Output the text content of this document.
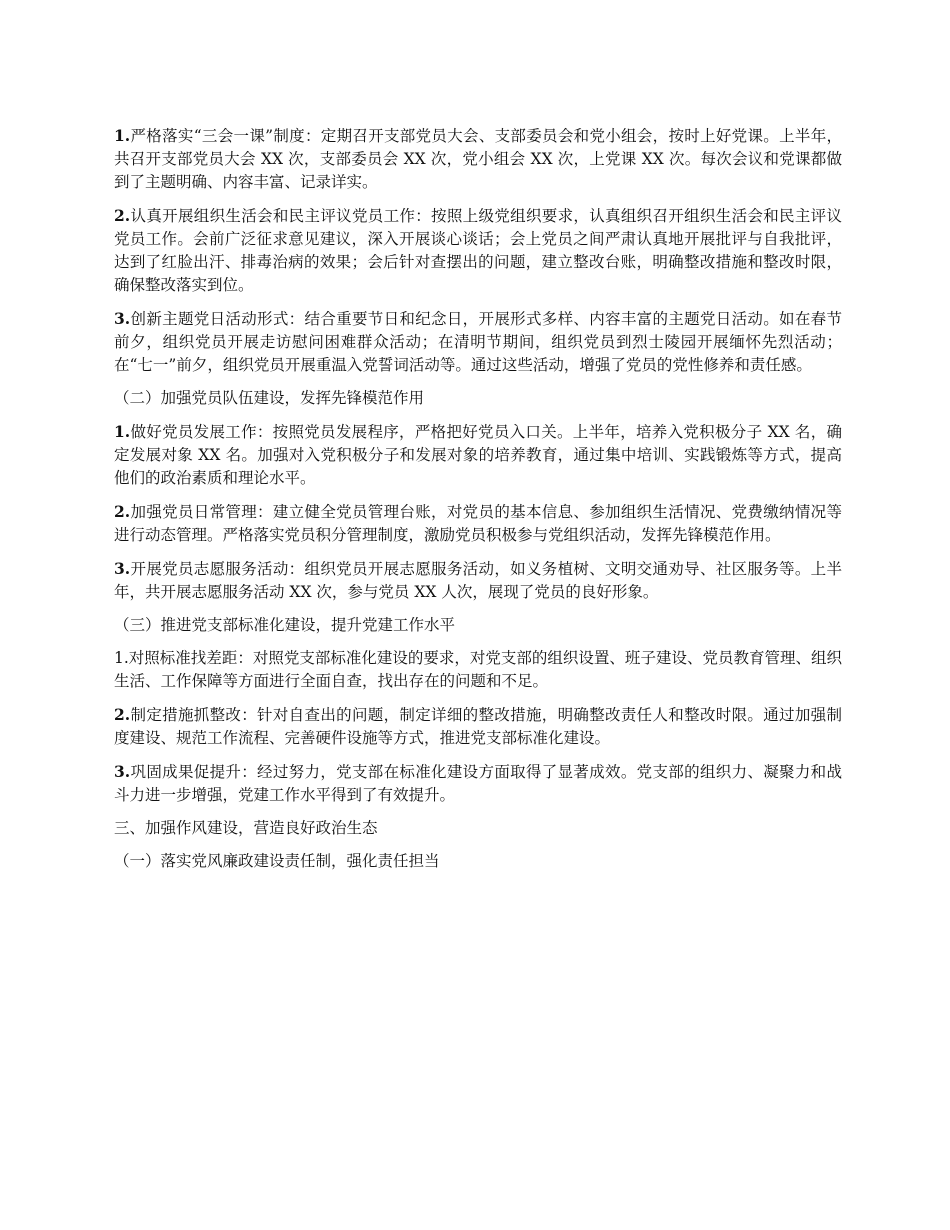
1.严格落实“三会一课”制度：定期召开支部党员大会、支部委员会和党小组会，按时上好党课。上半年，共召开支部党员大会 XX 次，支部委员会 XX 次，党小组会 XX 次，上党课 XX 次。每次会议和党课都做到了主题明确、内容丰富、记录详实。

2.认真开展组织生活会和民主评议党员工作：按照上级党组织要求，认真组织召开组织生活会和民主评议党员工作。会前广泛征求意见建议，深入开展谈心谈话；会上党员之间严肃认真地开展批评与自我批评，达到了红脸出汗、排毒治病的效果；会后针对查摆出的问题，建立整改台账，明确整改措施和整改时限，确保整改落实到位。

3.创新主题党日活动形式：结合重要节日和纪念日，开展形式多样、内容丰富的主题党日活动。如在春节前夕，组织党员开展走访慰问困难群众活动；在清明节期间，组织党员到烈士陵园开展缅怀先烈活动；在“七一”前夕，组织党员开展重温入党誓词活动等。通过这些活动，增强了党员的党性修养和责任感。

（二）加强党员队伍建设，发挥先锋模范作用

1.做好党员发展工作：按照党员发展程序，严格把好党员入口关。上半年，培养入党积极分子 XX 名，确定发展对象 XX 名。加强对入党积极分子和发展对象的培养教育，通过集中培训、实践锻炼等方式，提高他们的政治素质和理论水平。

2.加强党员日常管理：建立健全党员管理台账，对党员的基本信息、参加组织生活情况、党费缴纳情况等进行动态管理。严格落实党员积分管理制度，激励党员积极参与党组织活动，发挥先锋模范作用。

3.开展党员志愿服务活动：组织党员开展志愿服务活动，如义务植树、文明交通劝导、社区服务等。上半年，共开展志愿服务活动 XX 次，参与党员 XX 人次，展现了党员的良好形象。

（三）推进党支部标准化建设，提升党建工作水平

1.对照标准找差距：对照党支部标准化建设的要求，对党支部的组织设置、班子建设、党员教育管理、组织生活、工作保障等方面进行全面自查，找出存在的问题和不足。

2.制定措施抓整改：针对自查出的问题，制定详细的整改措施，明确整改责任人和整改时限。通过加强制度建设、规范工作流程、完善硬件设施等方式，推进党支部标准化建设。

3.巩固成果促提升：经过努力，党支部在标准化建设方面取得了显著成效。党支部的组织力、凝聚力和战斗力进一步增强，党建工作水平得到了有效提升。

三、加强作风建设，营造良好政治生态

（一）落实党风廉政建设责任制，强化责任担当
